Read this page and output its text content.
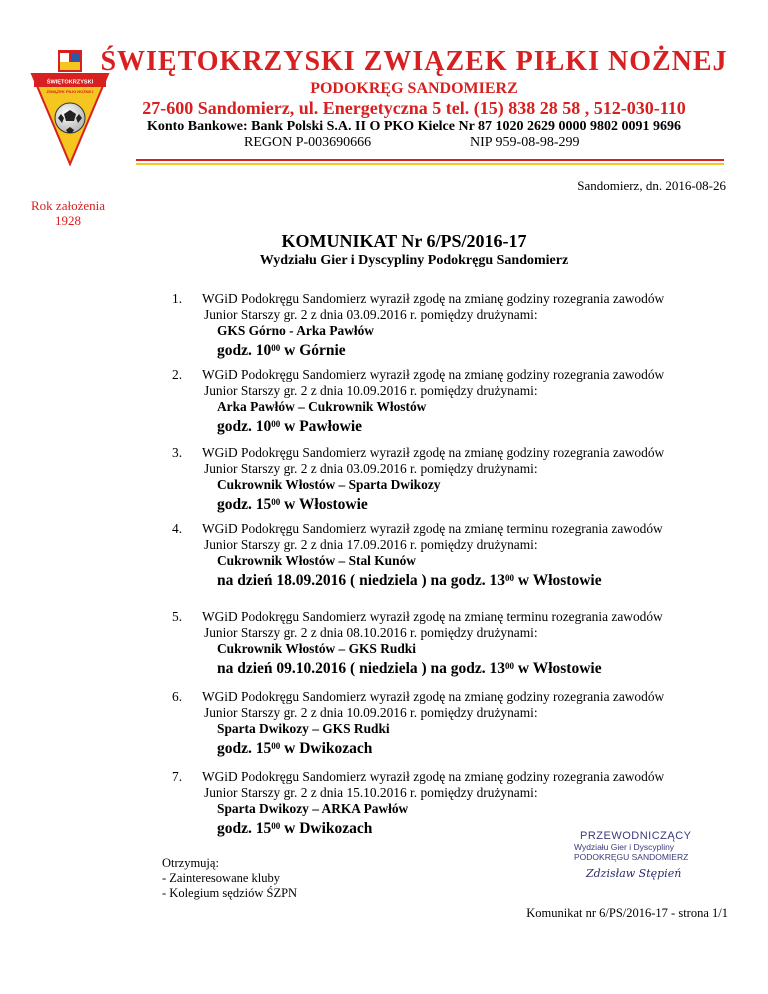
ŚWIĘTOKRZYSKI
ZWIĄZEK PIŁKI NOŻNEJ
ŚWIĘTOKRZYSKI ZWIĄZEK PIŁKI NOŻNEJ
PODOKRĘG SANDOMIERZ
27-600 Sandomierz, ul. Energetyczna 5 tel. (15) 838 28 58 , 512-030-110
Konto Bankowe: Bank Polski S.A. II O PKO Kielce Nr 87 1020 2629 0000 9802 0091 9696
REGON P-003690666	NIP 959-08-98-299
Sandomierz, dn. 2016-08-26
Rok założenia
1928
KOMUNIKAT Nr 6/PS/2016-17
Wydziału Gier i Dyscypliny Podokręgu Sandomierz
1. WGiD Podokręgu Sandomierz wyraził zgodę na zmianę godziny rozegrania zawodów
Junior Starszy gr. 2 z dnia 03.09.2016 r. pomiędzy drużynami:
GKS Górno - Arka Pawłów
godz. $10^{00}$ w Górnie
2. WGiD Podokręgu Sandomierz wyraził zgodę na zmianę godziny rozegrania zawodów
Junior Starszy gr. 2 z dnia 10.09.2016 r. pomiędzy drużynami:
Arka Pawłów – Cukrownik Włostów
godz. $10^{00}$ w Pawłowie
3. WGiD Podokręgu Sandomierz wyraził zgodę na zmianę godziny rozegrania zawodów
Junior Starszy gr. 2 z dnia 03.09.2016 r. pomiędzy drużynami:
Cukrownik Włostów – Sparta Dwikozy
godz. $15^{00}$ w Włostowie
4. WGiD Podokręgu Sandomierz wyraził zgodę na zmianę terminu rozegrania zawodów
Junior Starszy gr. 2 z dnia 17.09.2016 r. pomiędzy drużynami:
Cukrownik Włostów – Stal Kunów
na dzień 18.09.2016 ( niedziela ) na godz. $13^{00}$ w Włostowie
5. WGiD Podokręgu Sandomierz wyraził zgodę na zmianę terminu rozegrania zawodów
Junior Starszy gr. 2 z dnia 08.10.2016 r. pomiędzy drużynami:
Cukrownik Włostów – GKS Rudki
na dzień 09.10.2016 ( niedziela ) na godz. $13^{00}$ w Włostowie
6. WGiD Podokręgu Sandomierz wyraził zgodę na zmianę godziny rozegrania zawodów
Junior Starszy gr. 2 z dnia 10.09.2016 r. pomiędzy drużynami:
Sparta Dwikozy – GKS Rudki
godz. $15^{00}$ w Dwikozach
7. WGiD Podokręgu Sandomierz wyraził zgodę na zmianę godziny rozegrania zawodów
Junior Starszy gr. 2 z dnia 15.10.2016 r. pomiędzy drużynami:
Sparta Dwikozy – ARKA Pawłów
godz. $15^{00}$ w Dwikozach	PRZEWODNICZĄCY
Wydziału Gier i Dyscypliny
PODOKRĘGU SANDOMIERZ
Zdzisław Stępień
Otrzymują:
- Zainteresowane kluby
- Kolegium sędziów ŚZPN
Komunikat nr 6/PS/2016-17 - strona 1/1
